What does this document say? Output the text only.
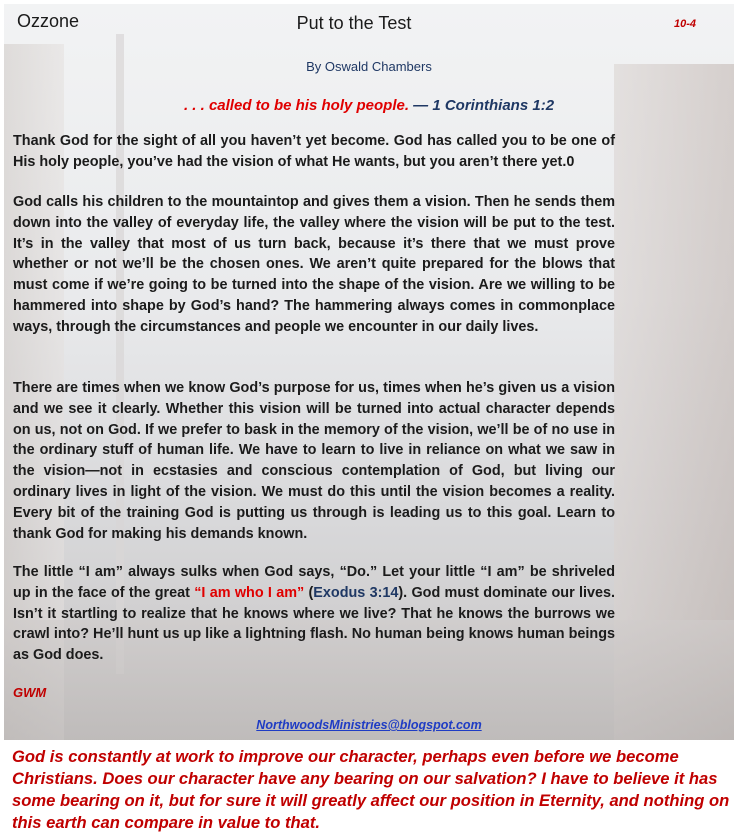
Ozzone	Put to the Test	10-4
By Oswald Chambers
. . . called to be his holy people. — 1 Corinthians 1:2
Thank God for the sight of all you haven’t yet become. God has called you to be one of His holy people, you’ve had the vision of what He wants, but you aren’t there yet.0
God calls his children to the mountaintop and gives them a vision. Then he sends them down into the valley of everyday life, the valley where the vision will be put to the test. It’s in the valley that most of us turn back, because it’s there that we must prove whether or not we’ll be the chosen ones. We aren’t quite prepared for the blows that must come if we’re going to be turned into the shape of the vision. Are we willing to be hammered into shape by God’s hand? The hammering always comes in commonplace ways, through the circumstances and people we encounter in our daily lives.
There are times when we know God’s purpose for us, times when he’s given us a vision and we see it clearly. Whether this vision will be turned into actual character depends on us, not on God. If we prefer to bask in the memory of the vision, we’ll be of no use in the ordinary stuff of human life. We have to learn to live in reliance on what we saw in the vision—not in ecstasies and conscious contemplation of God, but living our ordinary lives in light of the vision. We must do this until the vision becomes a reality. Every bit of the training God is putting us through is leading us to this goal. Learn to thank God for making his demands known.
The little “I am” always sulks when God says, “Do.” Let your little “I am” be shriveled up in the face of the great “I am who I am” (Exodus 3:14). God must dominate our lives. Isn’t it startling to realize that he knows where we live? That he knows the burrows we crawl into? He’ll hunt us up like a lightning flash. No human being knows human beings as God does.
GWM
NorthwoodsMinistries@blogspot.com
God is constantly at work to improve our character, perhaps even before we become Christians. Does our character have any bearing on our salvation? I have to believe it has some bearing on it, but for sure it will greatly affect our position in Eternity, and nothing on this earth can compare in value to that.
